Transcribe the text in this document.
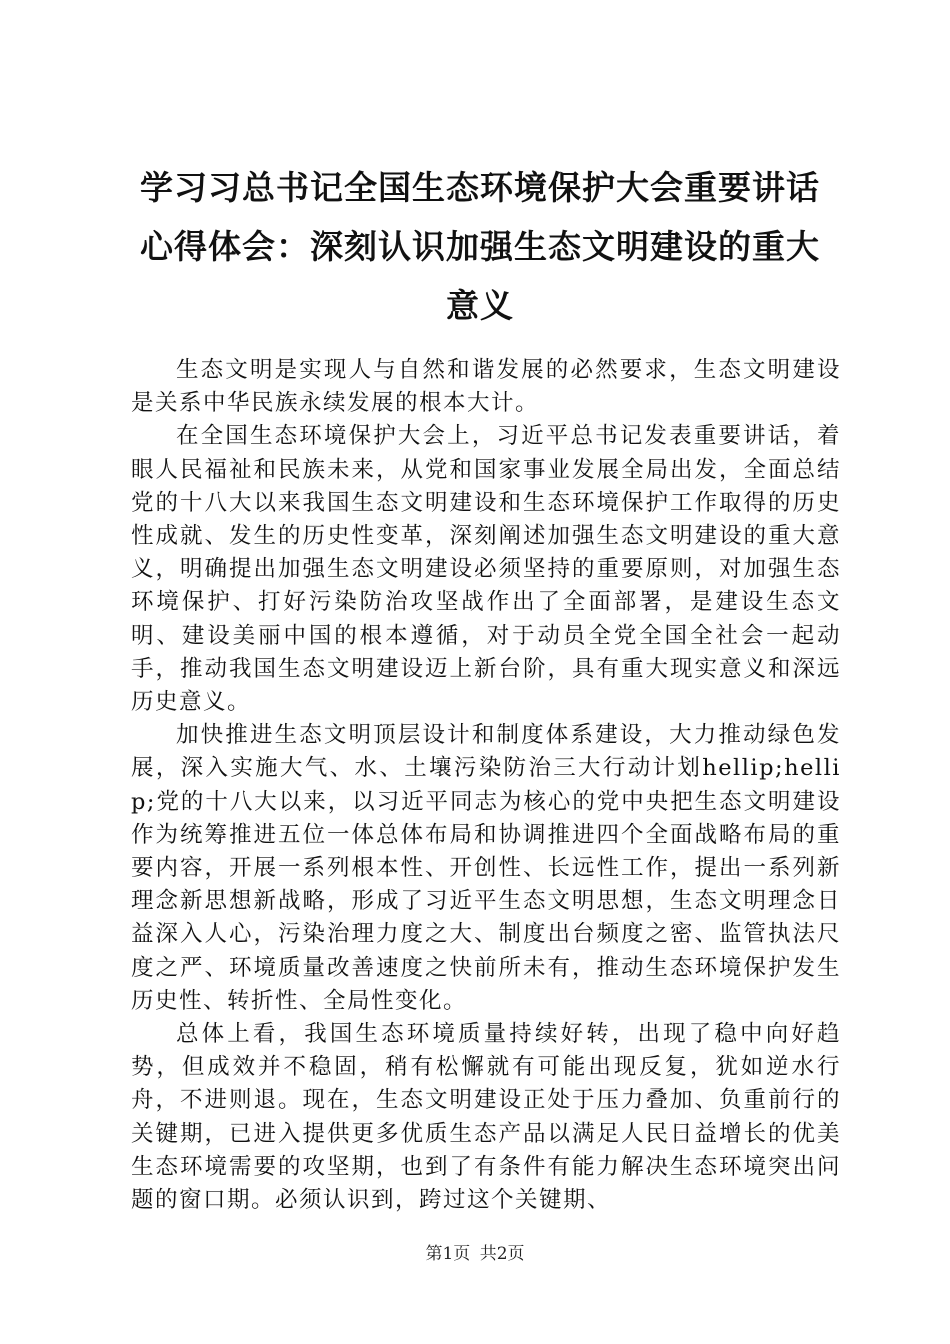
学习习总书记全国生态环境保护大会重要讲话
心得体会：深刻认识加强生态文明建设的重大
意义

生态文明是实现人与自然和谐发展的必然要求，生态文明建设是关系中华民族永续发展的根本大计。

在全国生态环境保护大会上，习近平总书记发表重要讲话，着眼人民福祉和民族未来，从党和国家事业发展全局出发，全面总结党的十八大以来我国生态文明建设和生态环境保护工作取得的历史性成就、发生的历史性变革，深刻阐述加强生态文明建设的重大意义，明确提出加强生态文明建设必须坚持的重要原则，对加强生态环境保护、打好污染防治攻坚战作出了全面部署，是建设生态文明、建设美丽中国的根本遵循，对于动员全党全国全社会一起动手，推动我国生态文明建设迈上新台阶，具有重大现实意义和深远历史意义。

加快推进生态文明顶层设计和制度体系建设，大力推动绿色发展，深入实施大气、水、土壤污染防治三大行动计划hellip;hellip;党的十八大以来，以习近平同志为核心的党中央把生态文明建设作为统筹推进五位一体总体布局和协调推进四个全面战略布局的重要内容，开展一系列根本性、开创性、长远性工作，提出一系列新理念新思想新战略，形成了习近平生态文明思想，生态文明理念日益深入人心，污染治理力度之大、制度出台频度之密、监管执法尺度之严、环境质量改善速度之快前所未有，推动生态环境保护发生历史性、转折性、全局性变化。

总体上看，我国生态环境质量持续好转，出现了稳中向好趋势，但成效并不稳固，稍有松懈就有可能出现反复，犹如逆水行舟，不进则退。现在，生态文明建设正处于压力叠加、负重前行的关键期，已进入提供更多优质生态产品以满足人民日益增长的优美生态环境需要的攻坚期，也到了有条件有能力解决生态环境突出问题的窗口期。必须认识到，跨过这个关键期、

第1页 共2页
